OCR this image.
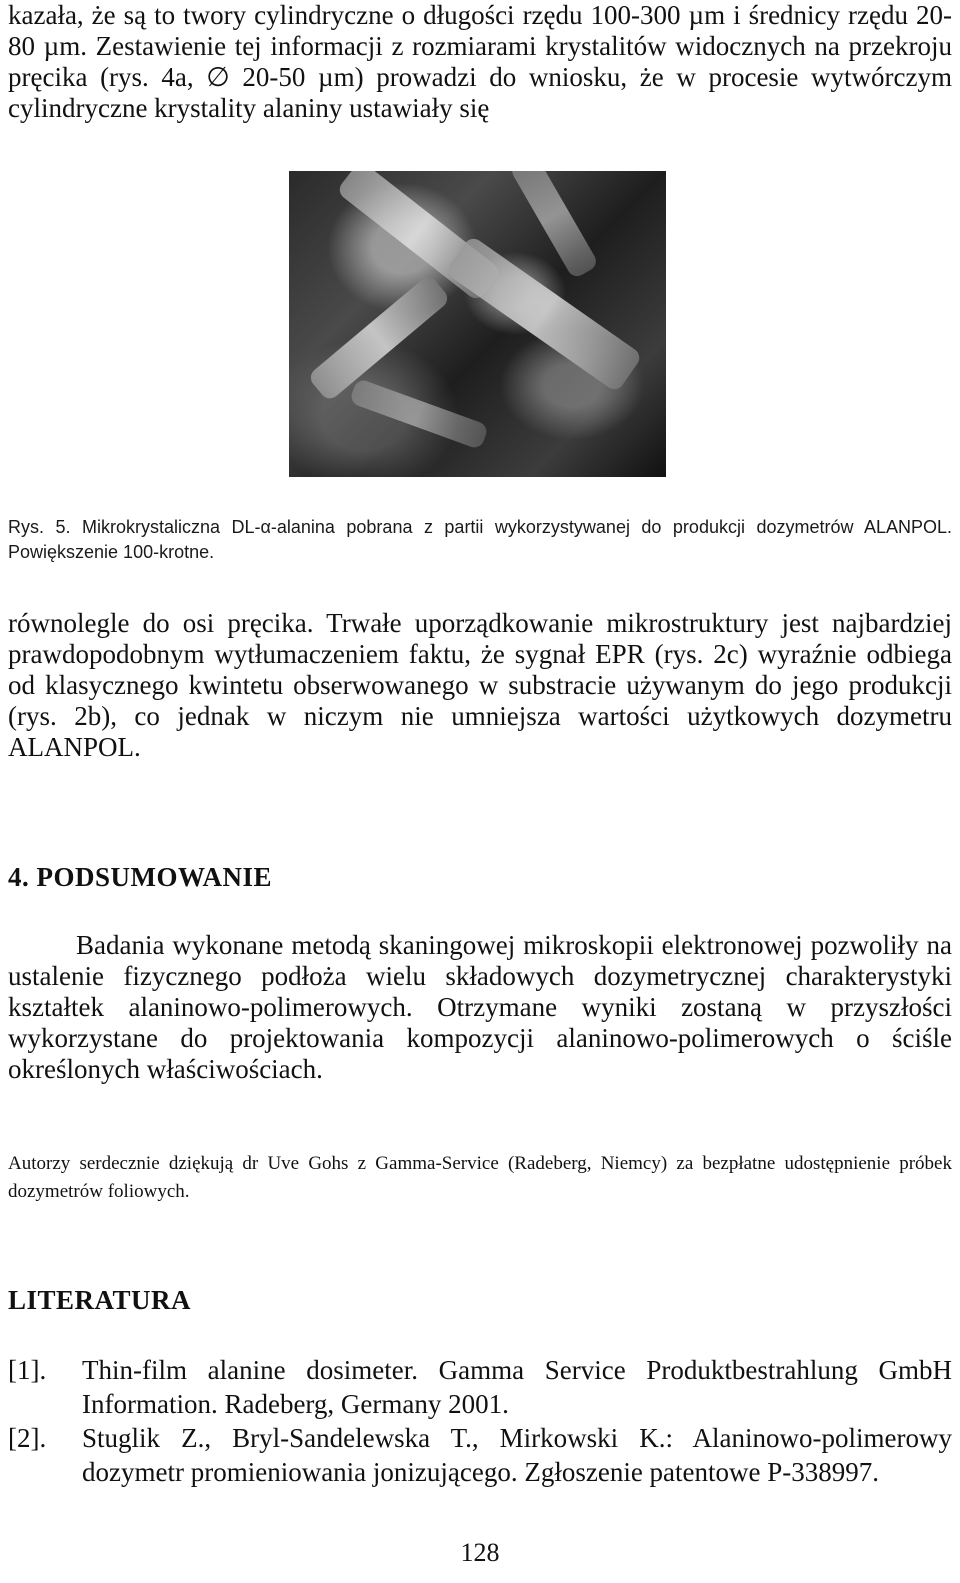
kazała, że są to twory cylindryczne o długości rzędu 100-300 µm i średnicy rzędu 20-80 µm. Zestawienie tej informacji z rozmiarami krystalitów widocznych na przekroju pręcika (rys. 4a, ∅ 20-50 µm) prowadzi do wniosku, że w procesie wytwórczym cylindryczne krystality alaniny ustawiały się

Rys. 5. Mikrokrystaliczna DL-α-alanina pobrana z partii wykorzystywanej do produkcji dozymetrów ALANPOL. Powiększenie 100-krotne.

równolegle do osi pręcika. Trwałe uporządkowanie mikrostruktury jest najbardziej prawdopodobnym wytłumaczeniem faktu, że sygnał EPR (rys. 2c) wyraźnie odbiega od klasycznego kwintetu obserwowanego w substracie używanym do jego produkcji (rys. 2b), co jednak w niczym nie umniejsza wartości użytkowych dozymetru ALANPOL.

4. PODSUMOWANIE

Badania wykonane metodą skaningowej mikroskopii elektronowej pozwoliły na ustalenie fizycznego podłoża wielu składowych dozymetrycznej charakterystyki kształtek alaninowo-polimerowych. Otrzymane wyniki zostaną w przyszłości wykorzystane do projektowania kompozycji alaninowo-polimerowych o ściśle określonych właściwościach.

Autorzy serdecznie dziękują dr Uve Gohs z Gamma-Service (Radeberg, Niemcy) za bezpłatne udostępnienie próbek dozymetrów foliowych.

LITERATURA
[1]. Thin-film alanine dosimeter. Gamma Service Produktbestrahlung GmbH Information. Radeberg, Germany 2001.
[2]. Stuglik Z., Bryl-Sandelewska T., Mirkowski K.: Alaninowo-polimerowy dozymetr promieniowania jonizującego. Zgłoszenie patentowe P-338997.
128
